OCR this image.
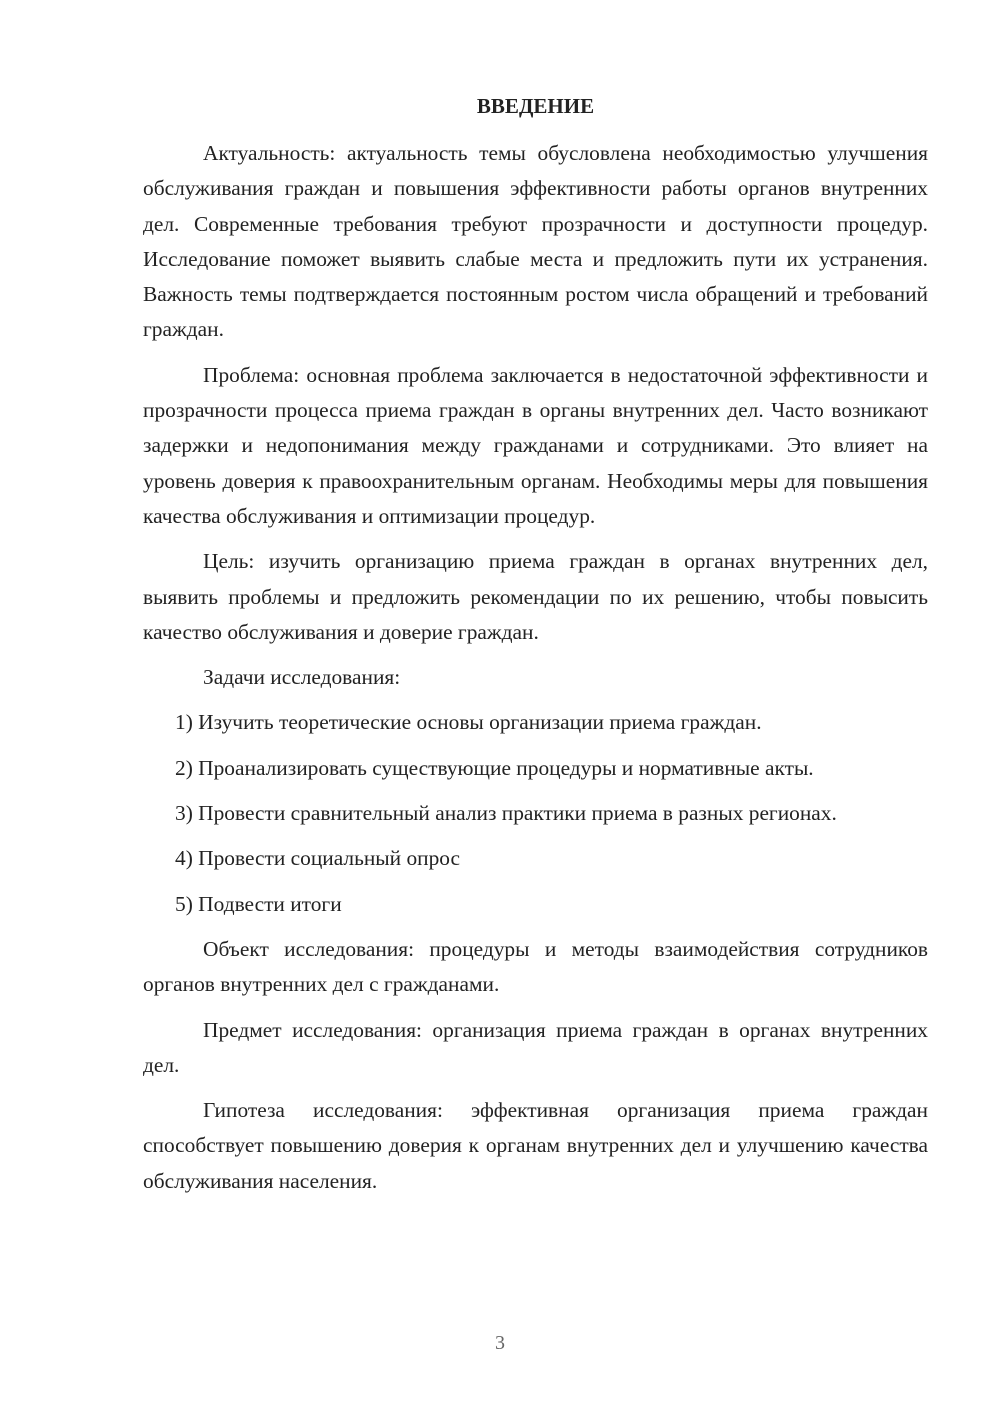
ВВЕДЕНИЕ

Актуальность: актуальность темы обусловлена необходимостью улучшения обслуживания граждан и повышения эффективности работы органов внутренних дел. Современные требования требуют прозрачности и доступности процедур. Исследование поможет выявить слабые места и предложить пути их устранения. Важность темы подтверждается постоянным ростом числа обращений и требований граждан.

Проблема: основная проблема заключается в недостаточной эффективности и прозрачности процесса приема граждан в органы внутренних дел. Часто возникают задержки и недопонимания между гражданами и сотрудниками. Это влияет на уровень доверия к правоохранительным органам. Необходимы меры для повышения качества обслуживания и оптимизации процедур.

Цель: изучить организацию приема граждан в органах внутренних дел, выявить проблемы и предложить рекомендации по их решению, чтобы повысить качество обслуживания и доверие граждан.

Задачи исследования:

1) Изучить теоретические основы организации приема граждан.

2) Проанализировать существующие процедуры и нормативные акты.

3) Провести сравнительный анализ практики приема в разных регионах.

4) Провести социальный опрос

5) Подвести итоги

Объект исследования: процедуры и методы взаимодействия сотрудников органов внутренних дел с гражданами.

Предмет исследования: организация приема граждан в органах внутренних дел.

Гипотеза исследования: эффективная организация приема граждан способствует повышению доверия к органам внутренних дел и улучшению качества обслуживания населения.

3
